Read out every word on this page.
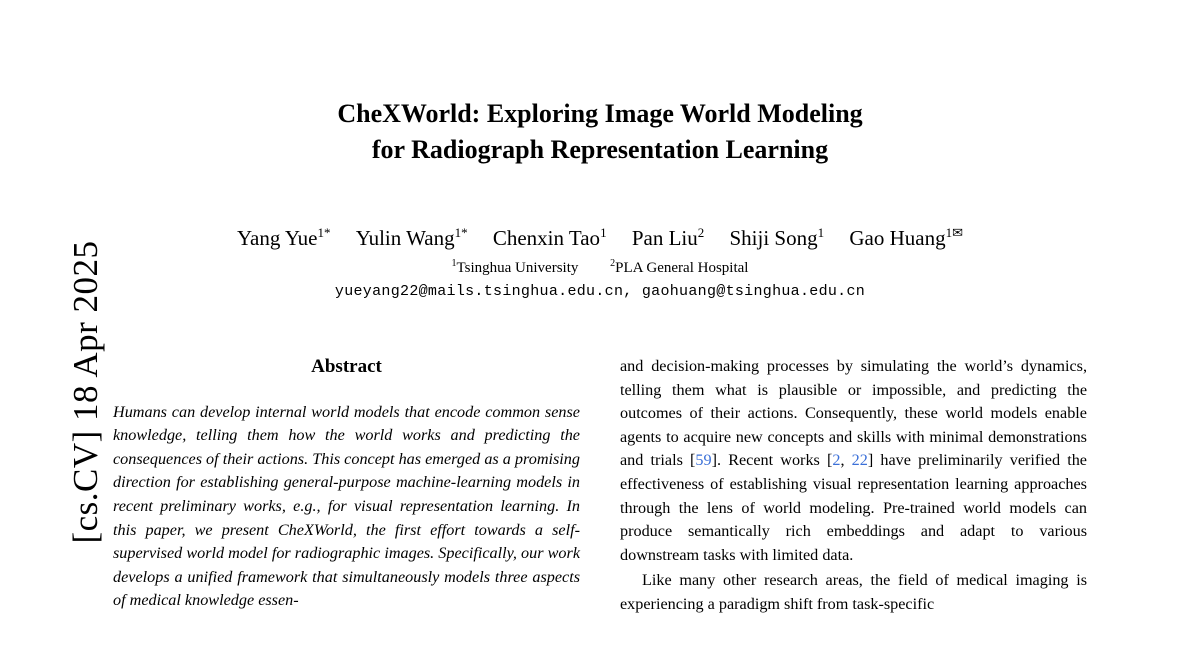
[cs.CV] 18 Apr 2025
CheXWorld: Exploring Image World Modeling
for Radiograph Representation Learning
Yang Yue$^{1*}$ Yulin Wang$^{1*}$ Chenxin Tao$^1$ Pan Liu$^2$ Shiji Song$^1$ Gao Huang$^{1✉}$
$^1$Tsinghua University	$^2$PLA General Hospital
yueyang22@mails.tsinghua.edu.cn, gaohuang@tsinghua.edu.cn
Abstract

Humans can develop internal world models that encode common sense knowledge, telling them how the world works and predicting the consequences of their actions. This concept has emerged as a promising direction for establishing general-purpose machine-learning models in recent preliminary works, e.g., for visual representation learning. In this paper, we present CheXWorld, the first effort towards a self-supervised world model for radiographic images. Specifically, our work develops a unified framework that simultaneously models three aspects of medical knowledge essen-

and decision-making processes by simulating the world’s dynamics, telling them what is plausible or impossible, and predicting the outcomes of their actions. Consequently, these world models enable agents to acquire new concepts and skills with minimal demonstrations and trials [59]. Recent works [2, 22] have preliminarily verified the effectiveness of establishing visual representation learning approaches through the lens of world modeling. Pre-trained world models can produce semantically rich embeddings and adapt to various downstream tasks with limited data.

Like many other research areas, the field of medical imaging is experiencing a paradigm shift from task-specific
